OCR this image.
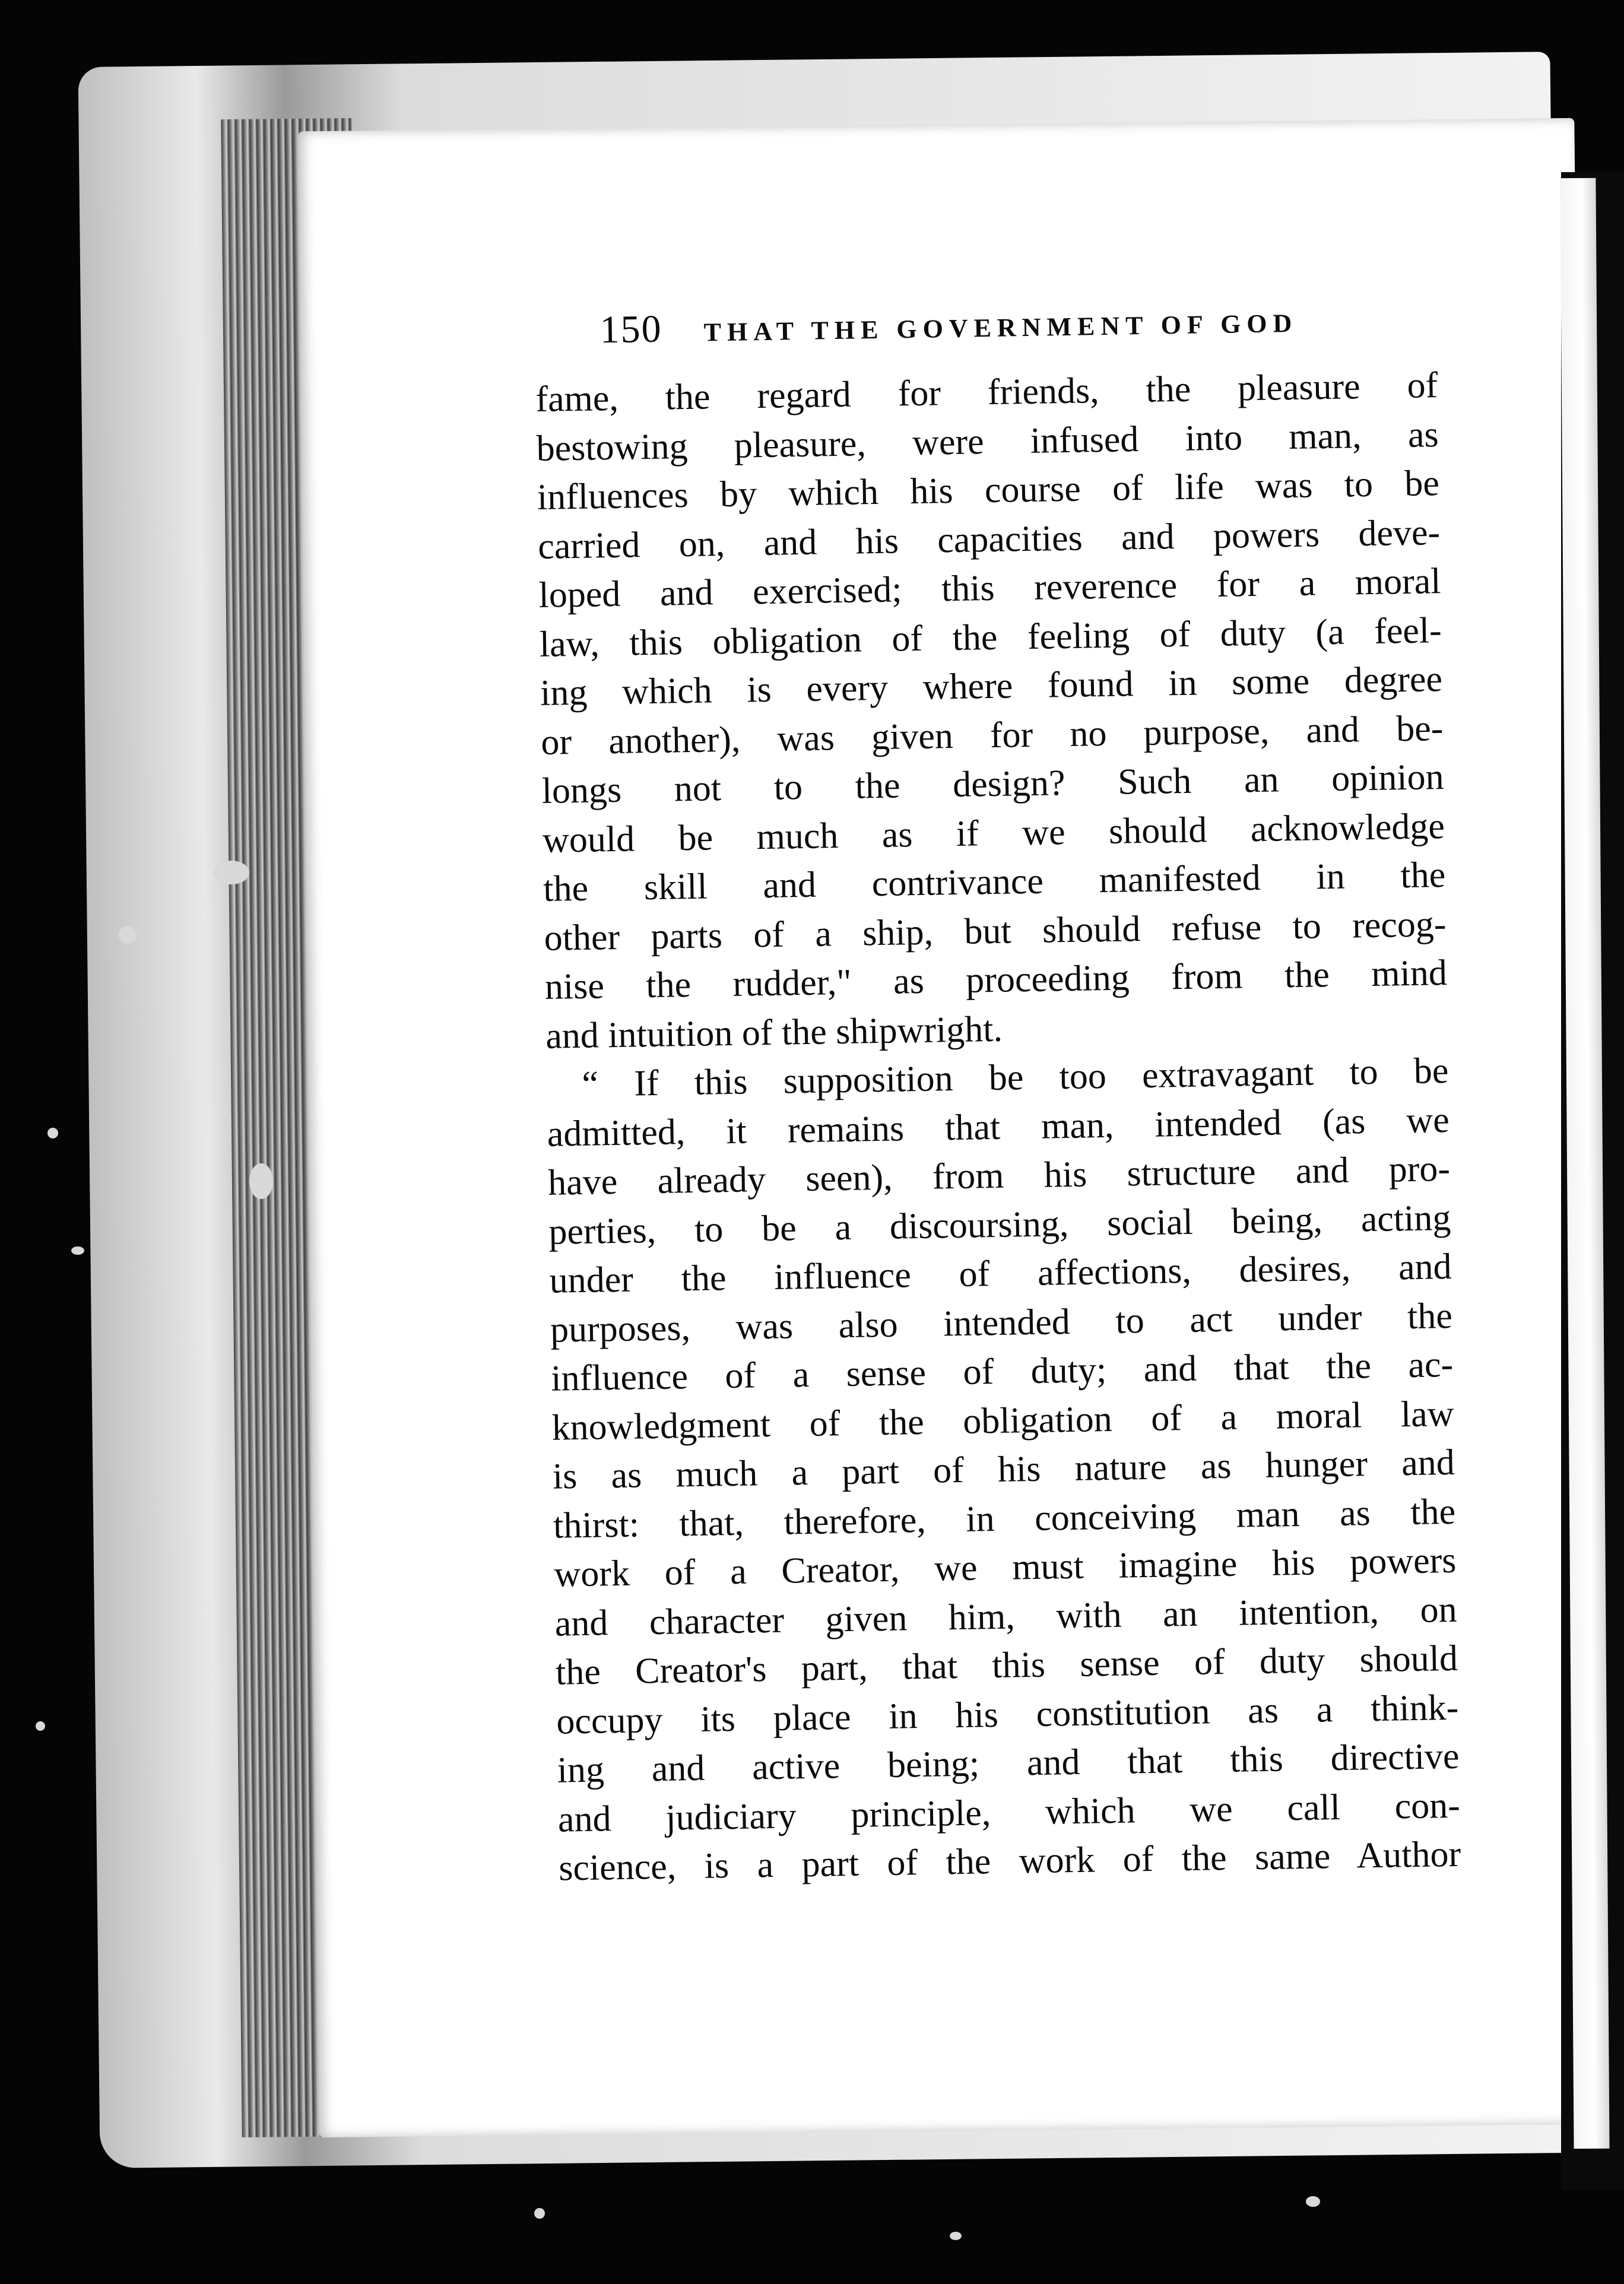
150 THAT THE GOVERNMENT OF GOD
fame, the regard for friends, the pleasure of
bestowing pleasure, were infused into man, as
influences by which his course of life was to be
carried on, and his capacities and powers deve-
loped and exercised; this reverence for a moral
law, this obligation of the feeling of duty (a feel-
ing which is every where found in some degree
or another), was given for no purpose, and be-
longs not to the design? Such an opinion
would be much as if we should acknowledge
the skill and contrivance manifested in the
other parts of a ship, but should refuse to recog-
nise the rudder," as proceeding from the mind
and intuition of the shipwright.
“ If this supposition be too extravagant to be
admitted, it remains that man, intended (as we
have already seen), from his structure and pro-
perties, to be a discoursing, social being, acting
under the influence of affections, desires, and
purposes, was also intended to act under the
influence of a sense of duty; and that the ac-
knowledgment of the obligation of a moral law
is as much a part of his nature as hunger and
thirst: that, therefore, in conceiving man as the
work of a Creator, we must imagine his powers
and character given him, with an intention, on
the Creator's part, that this sense of duty should
occupy its place in his constitution as a think-
ing and active being; and that this directive
and judiciary principle, which we call con-
science, is a part of the work of the same Author
